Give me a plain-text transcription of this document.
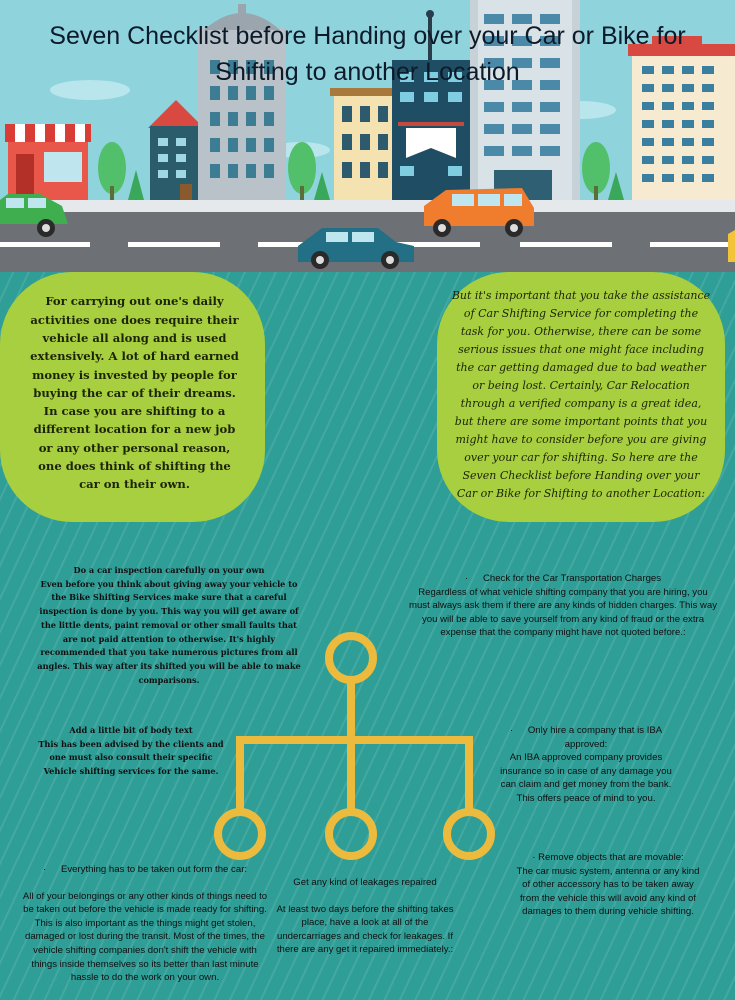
Seven Checklist before Handing over your Car or Bike for Shifting to another Location

For carrying out one's daily activities one does require their vehicle all along and is used extensively. A lot of hard earned money is invested by people for buying the car of their dreams. In case you are shifting to a different location for a new job or any other personal reason, one does think of shifting the car on their own.

But it's important that you take the assistance of Car Shifting Service for completing the task for you. Otherwise, there can be some serious issues that one might face including the car getting damaged due to bad weather or being lost. Certainly, Car Relocation through a verified company is a great idea, but there are some important points that you might have to consider before you are giving over your car for shifting. So here are the Seven Checklist before Handing over your Car or Bike for Shifting to another Location:

Do a car inspection carefully on your own
Even before you think about giving away your vehicle to the Bike Shifting Services make sure that a careful inspection is done by you. This way you will get aware of the little dents, paint removal or other small faults that are not paid attention to otherwise. It's highly recommended that you take numerous pictures from all angles. This way after its shifted you will be able to make comparisons.
· Check for the Car Transportation Charges
Regardless of what vehicle shifting company that you are hiring, you must always ask them if there are any kinds of hidden charges. This way you will be able to save yourself from any kind of fraud or the extra expense that the company might have not quoted before.:
Add a little bit of body text
This has been advised by the clients and one must also consult their specific Vehicle shifting services for the same.
· Only hire a company that is IBA approved:
An IBA approved company provides insurance so in case of any damage you can claim and get money from the bank. This offers peace of mind to you.
· Everything has to be taken out form the car:
All of your belongings or any other kinds of things need to be taken out before the vehicle is made ready for shifting. This is also important as the things might get stolen, damaged or lost during the transit. Most of the times, the vehicle shifting companies don't shift the vehicle with things inside themselves so its better than last minute hassle to do the work on your own.
Get any kind of leakages repaired
At least two days before the shifting takes place, have a look at all of the undercarriages and check for leakages. If there are any get it repaired immediately.:
· Remove objects that are movable:
The car music system, antenna or any kind of other accessory has to be taken away from the vehicle this will avoid any kind of damages to them during vehicle shifting.
